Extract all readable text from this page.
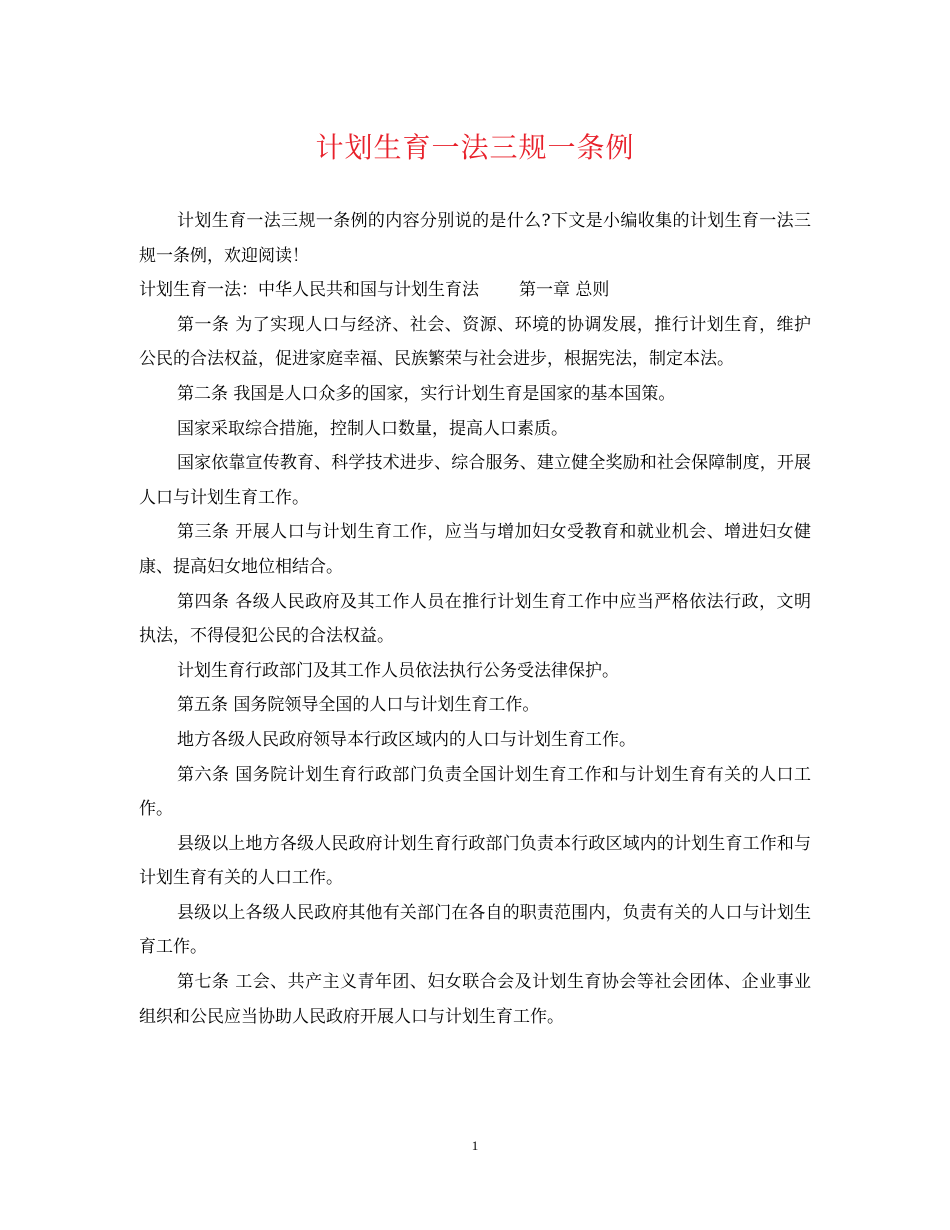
计划生育一法三规一条例

计划生育一法三规一条例的内容分别说的是什么?下文是小编收集的计划生育一法三规一条例，欢迎阅读！

计划生育一法：中华人民共和国与计划生育法 第一章 总则

第一条 为了实现人口与经济、社会、资源、环境的协调发展，推行计划生育，维护公民的合法权益，促进家庭幸福、民族繁荣与社会进步，根据宪法，制定本法。

第二条 我国是人口众多的国家，实行计划生育是国家的基本国策。

国家采取综合措施，控制人口数量，提高人口素质。

国家依靠宣传教育、科学技术进步、综合服务、建立健全奖励和社会保障制度，开展人口与计划生育工作。

第三条 开展人口与计划生育工作，应当与增加妇女受教育和就业机会、增进妇女健康、提高妇女地位相结合。

第四条 各级人民政府及其工作人员在推行计划生育工作中应当严格依法行政，文明执法，不得侵犯公民的合法权益。

计划生育行政部门及其工作人员依法执行公务受法律保护。

第五条 国务院领导全国的人口与计划生育工作。

地方各级人民政府领导本行政区域内的人口与计划生育工作。

第六条 国务院计划生育行政部门负责全国计划生育工作和与计划生育有关的人口工作。

县级以上地方各级人民政府计划生育行政部门负责本行政区域内的计划生育工作和与计划生育有关的人口工作。

县级以上各级人民政府其他有关部门在各自的职责范围内，负责有关的人口与计划生育工作。

第七条 工会、共产主义青年团、妇女联合会及计划生育协会等社会团体、企业事业组织和公民应当协助人民政府开展人口与计划生育工作。

1
